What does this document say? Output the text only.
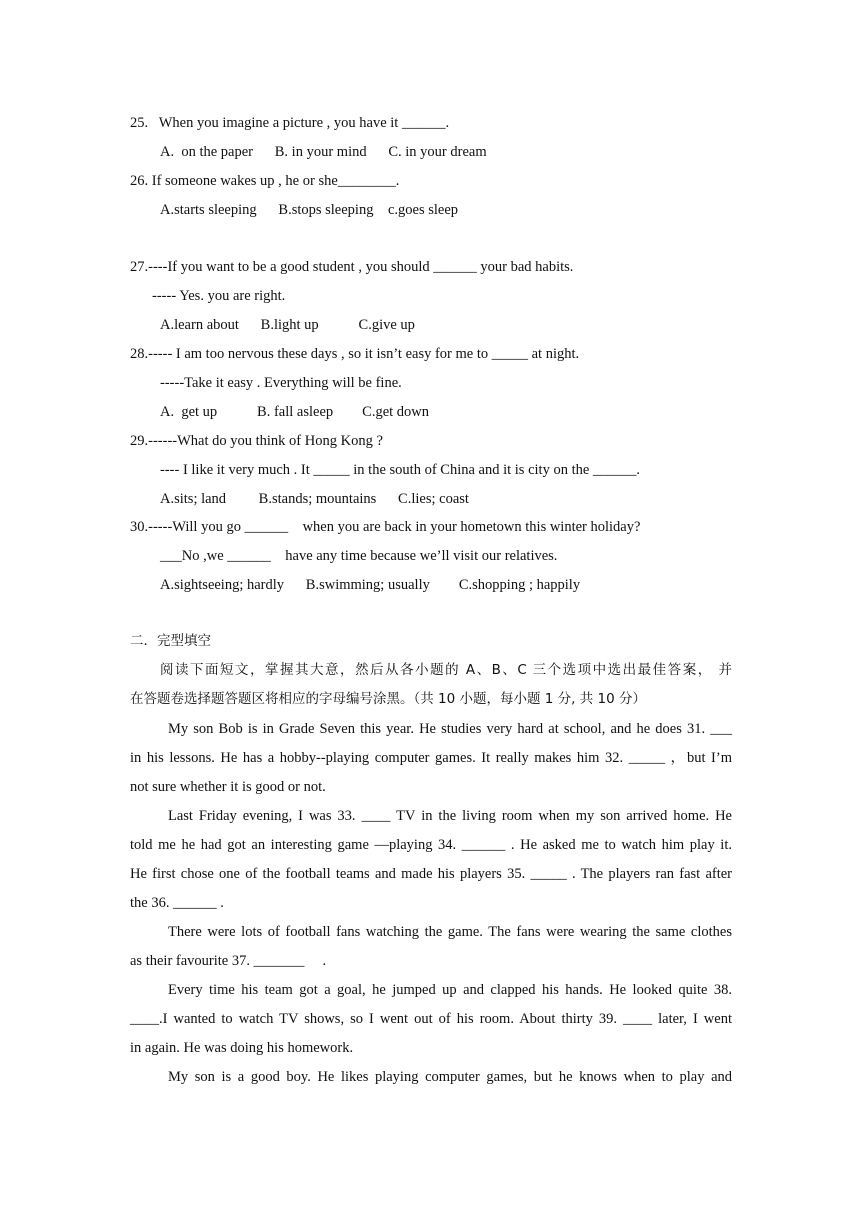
25.   When you imagine a picture , you have it ______.
A.  on the paper      B. in your mind      C. in your dream
26. If someone wakes up , he or she________.
A.starts sleeping      B.stops sleeping    c.goes sleep
27.----If you want to be a good student , you should ______ your bad habits.
----- Yes. you are right.
A.learn about      B.light up           C.give up
28.----- I am too nervous these days , so it isn’t easy for me to _____ at night.
-----Take it easy . Everything will be fine.
A.  get up           B. fall asleep        C.get down
29.------What do you think of Hong Kong ?
---- I like it very much . It _____ in the south of China and it is city on the ______.
A.sits; land         B.stands; mountains      C.lies; coast
30.-----Will you go ______    when you are back in your hometown this winter holiday?
___No ,we ______    have any time because we’ll visit our relatives.
A.sightseeing; hardly      B.swimming; usually        C.shopping ; happily
二．完型填空
阅读下面短文，掌握其大意，然后从各小题的 A、B、C 三个选项中选出最佳答案， 并
在答题卷选择题答题区将相应的字母编号涂黑。（共 10 小题，每小题 1 分, 共 10 分）
My son Bob is in Grade Seven this year. He studies very hard at school, and he does 31. ___
in his lessons. He has a hobby--playing computer games. It really makes him 32. _____ ，but I’m
not sure whether it is good or not.
Last Friday evening, I was 33. ____ TV in the living room when my son arrived home. He
told me he had got an interesting game —playing 34. ______ . He asked me to watch him play it.
He first chose one of the football teams and made his players 35. _____ . The players ran fast after
the 36. ______ .
There were lots of football fans watching the game. The fans were wearing the same clothes
as their favourite 37. _______     .
Every time his team got a goal, he jumped up and clapped his hands. He looked quite 38.
____.I wanted to watch TV shows, so I went out of his room. About thirty 39. ____ later, I went
in again. He was doing his homework.
My son is a good boy. He likes playing computer games, but he knows when to play and
